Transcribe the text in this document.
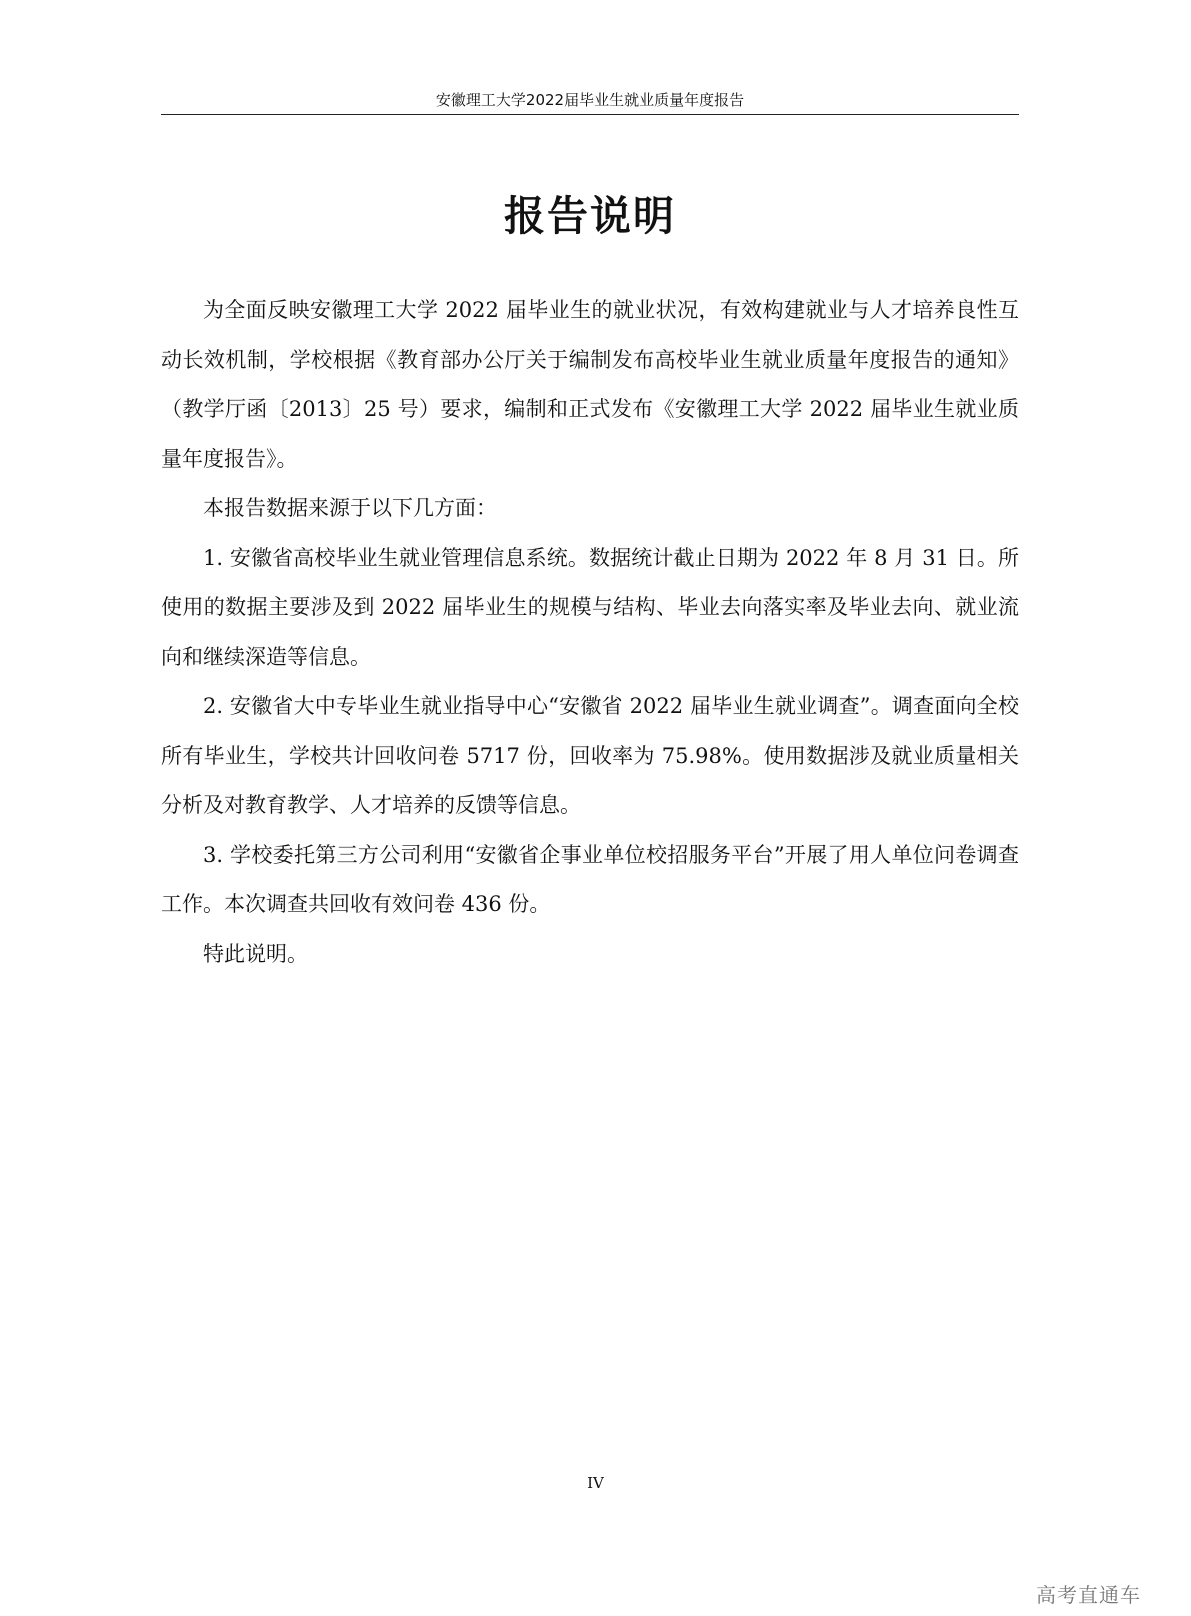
安徽理工大学2022届毕业生就业质量年度报告
报告说明

为全面反映安徽理工大学 2022 届毕业生的就业状况，有效构建就业与人才培养良性互动长效机制，学校根据《教育部办公厅关于编制发布高校毕业生就业质量年度报告的通知》（教学厅函〔2013〕25 号）要求，编制和正式发布《安徽理工大学 2022 届毕业生就业质量年度报告》。

本报告数据来源于以下几方面：

1. 安徽省高校毕业生就业管理信息系统。数据统计截止日期为 2022 年 8 月 31 日。所使用的数据主要涉及到 2022 届毕业生的规模与结构、毕业去向落实率及毕业去向、就业流向和继续深造等信息。

2. 安徽省大中专毕业生就业指导中心“安徽省 2022 届毕业生就业调查”。调查面向全校所有毕业生，学校共计回收问卷 5717 份，回收率为 75.98%。使用数据涉及就业质量相关分析及对教育教学、人才培养的反馈等信息。

3. 学校委托第三方公司利用“安徽省企事业单位校招服务平台”开展了用人单位问卷调查工作。本次调查共回收有效问卷 436 份。

特此说明。

IV
高考直通车
